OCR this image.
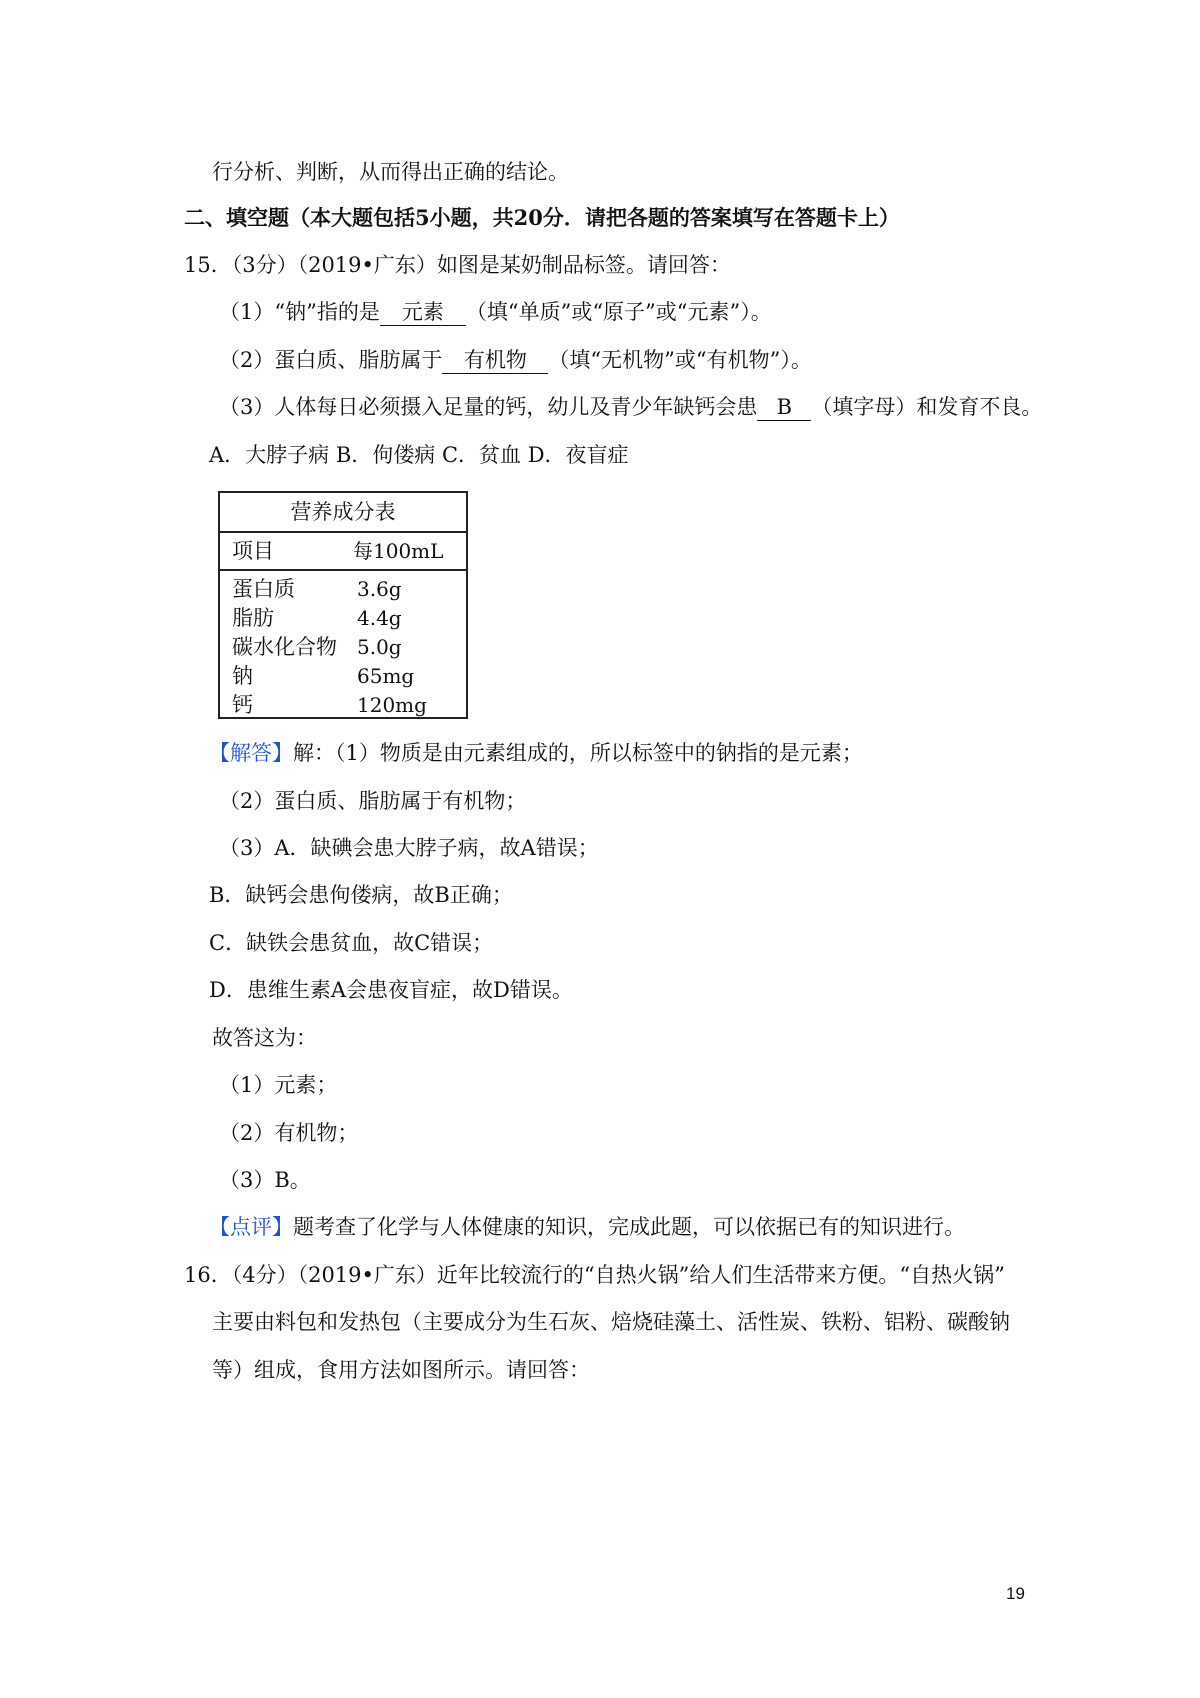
行分析、判断，从而得出正确的结论。
二、填空题（本大题包括5小题，共20分．请把各题的答案填写在答题卡上）
15．（3分）（2019•广东）如图是某奶制品标签。请回答：
（1）“钠”指的是 元素 （填“单质”或“原子”或“元素”）。
（2）蛋白质、脂肪属于 有机物 （填“无机物”或“有机物”）。
（3）人体每日必须摄入足量的钙，幼儿及青少年缺钙会患 B （填字母）和发育不良。
A．大脖子病 B．佝偻病 C．贫血 D．夜盲症
营养成分表
项目	每100mL
蛋白质	3.6g
脂肪	4.4g
碳水化合物 5.0g
钠	65mg
钙	120mg
【解答】解：（1）物质是由元素组成的，所以标签中的钠指的是元素；
（2）蛋白质、脂肪属于有机物；
（3）A．缺碘会患大脖子病，故A错误；
B．缺钙会患佝偻病，故B正确；
C．缺铁会患贫血，故C错误；
D．患维生素A会患夜盲症，故D错误。
故答这为：
（1）元素；
（2）有机物；
（3）B。
【点评】题考查了化学与人体健康的知识，完成此题，可以依据已有的知识进行。
16．（4分）（2019•广东）近年比较流行的“自热火锅”给人们生活带来方便。“自热火锅”
主要由料包和发热包（主要成分为生石灰、焙烧硅藻土、活性炭、铁粉、铝粉、碳酸钠
等）组成，食用方法如图所示。请回答：
19
